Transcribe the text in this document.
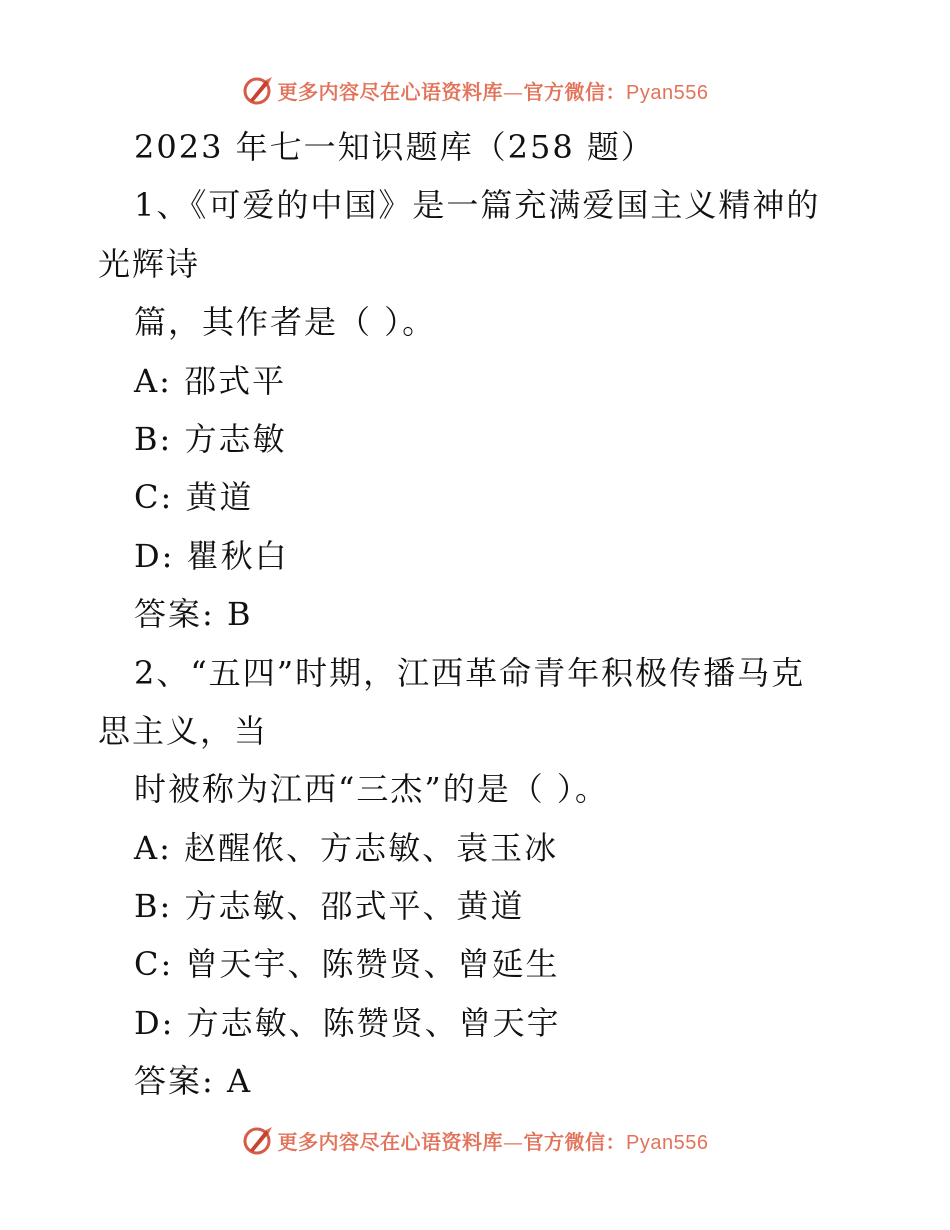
更多内容尽在心语资料库—官方微信：Pyan556
2023 年七一知识题库（258 题）
1、《可爱的中国》是一篇充满爱国主义精神的
光辉诗
篇，其作者是（ ）。
A: 邵式平
B: 方志敏
C: 黄道
D: 瞿秋白
答案: B
2、“五四”时期，江西革命青年积极传播马克
思主义，当
时被称为江西“三杰”的是（ ）。
A: 赵醒侬、方志敏、袁玉冰
B: 方志敏、邵式平、黄道
C: 曾天宇、陈赞贤、曾延生
D: 方志敏、陈赞贤、曾天宇
答案: A
更多内容尽在心语资料库—官方微信：Pyan556
